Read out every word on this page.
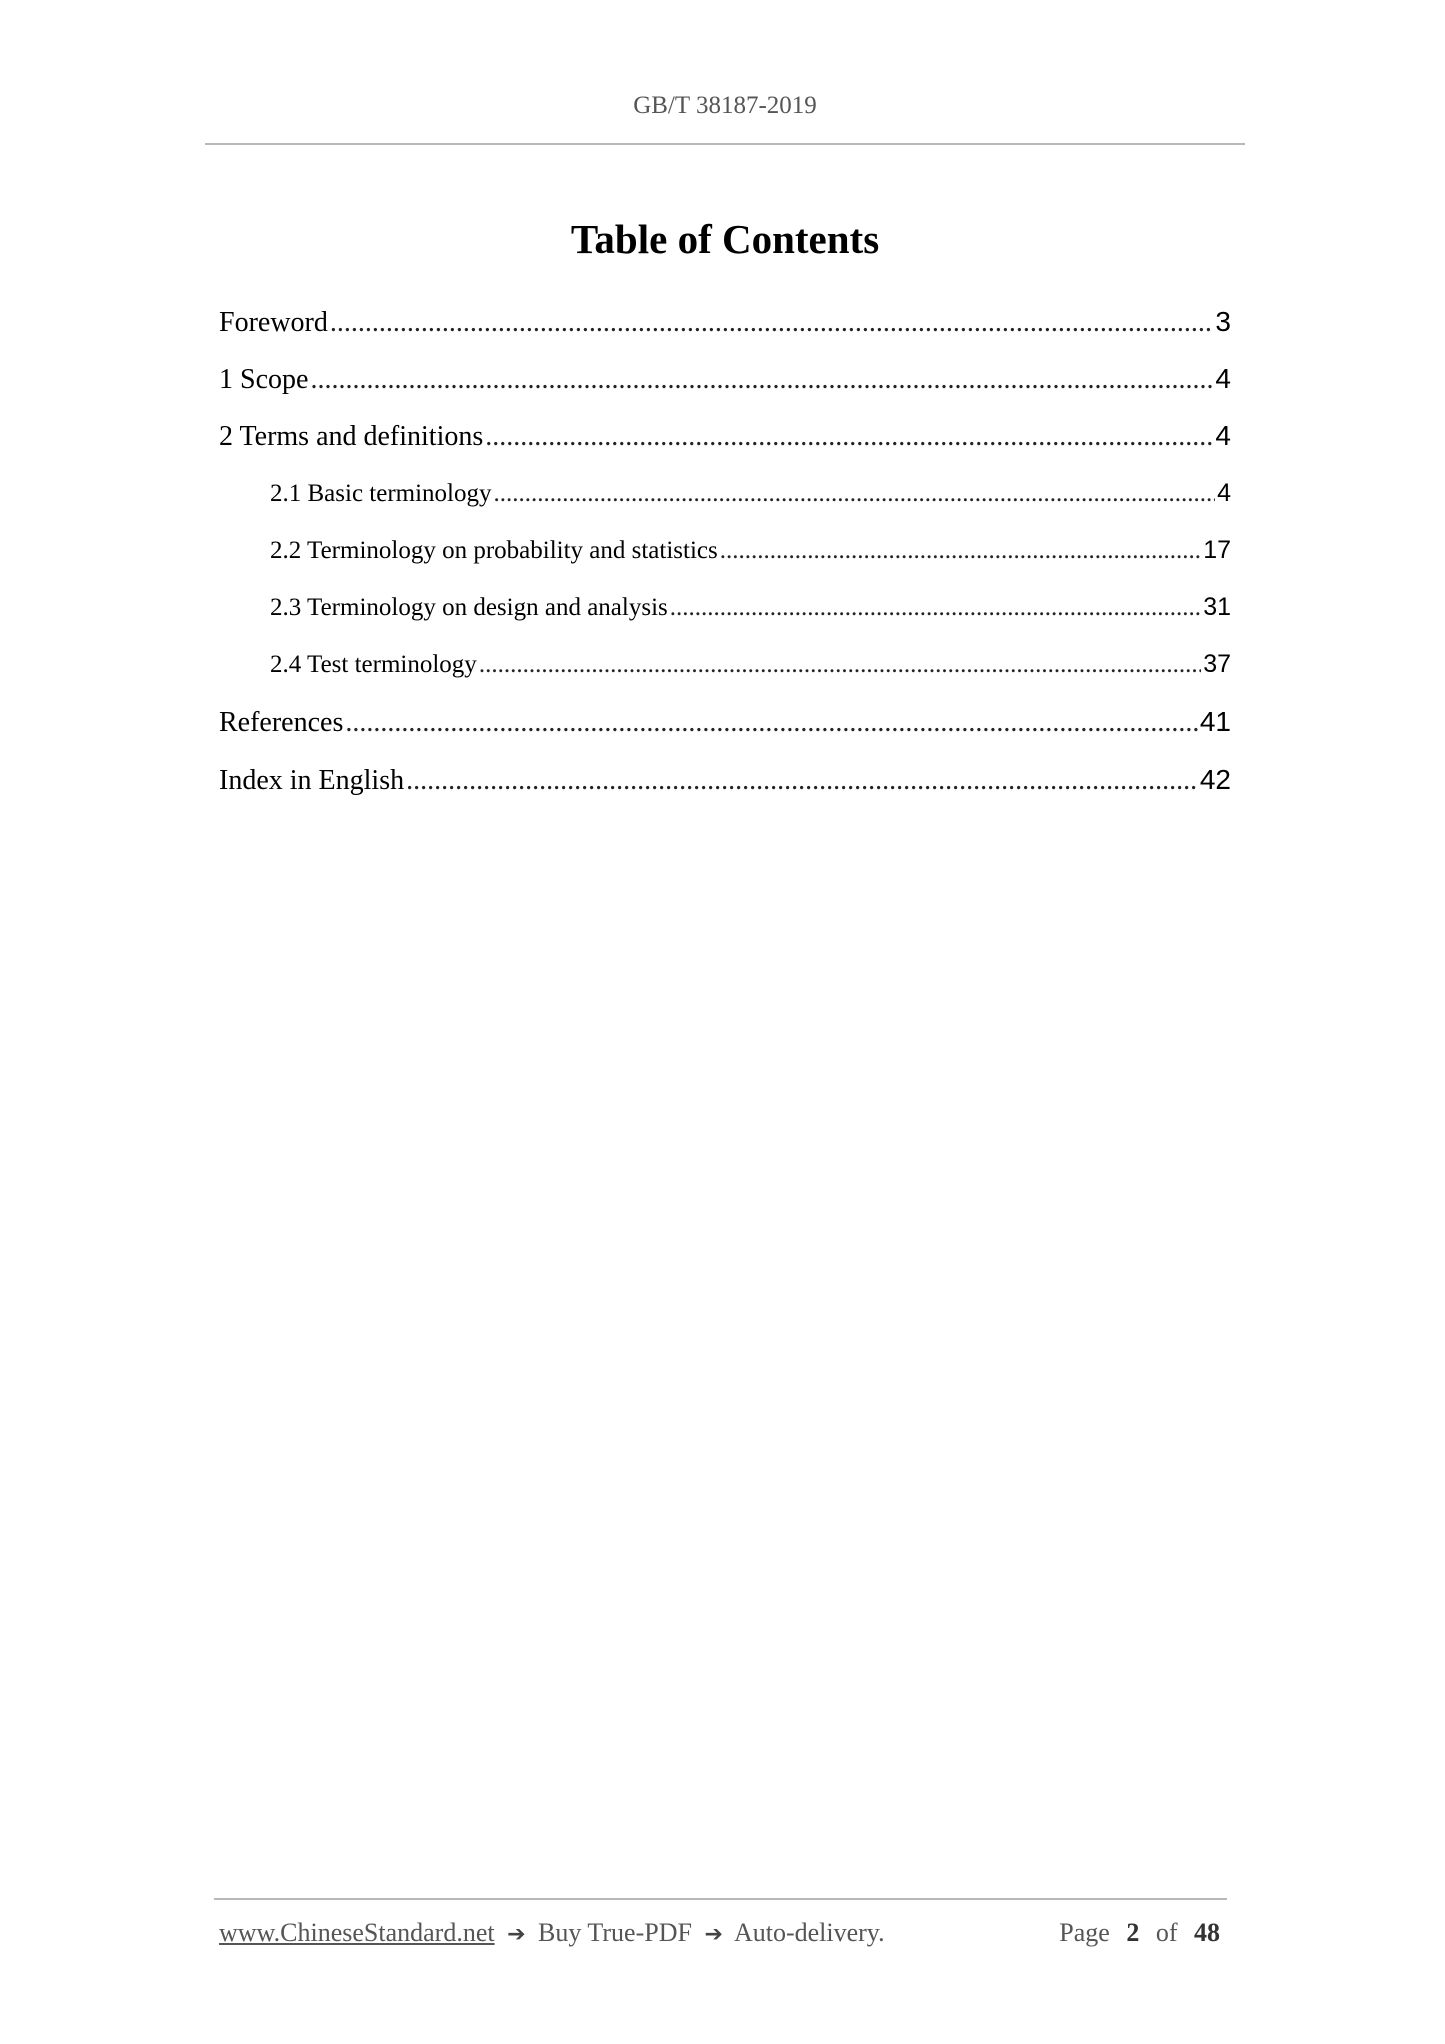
GB/T 38187-2019
Table of Contents
Foreword .....	3
1 Scope .....	4
2 Terms and definitions .....	4
2.1 Basic terminology .....	4
2.2 Terminology on probability and statistics .....	17
2.3 Terminology on design and analysis .....	31
2.4 Test terminology .....	37
References .....	41
Index in English .....	42
www.ChineseStandard.net ➔ Buy True-PDF ➔ Auto-delivery.	Page 2 of 48
